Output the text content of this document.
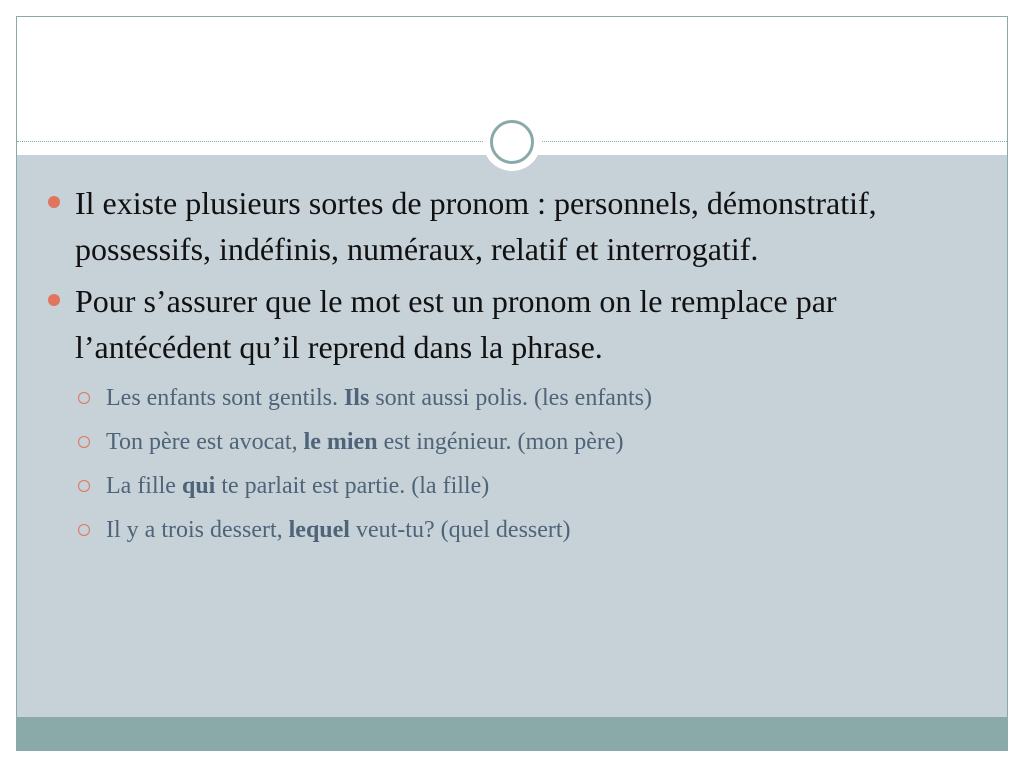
Il existe plusieurs sortes de pronom : personnels, démonstratif, possessifs, indéfinis, numéraux, relatif et interrogatif.
Pour s’assurer que le mot est un pronom on le remplace par l’antécédent qu’il reprend dans la phrase.
Les enfants sont gentils. Ils sont aussi polis. (les enfants)
Ton père est avocat, le mien est ingénieur. (mon père)
La fille qui te parlait est partie. (la fille)
Il y a trois dessert, lequel veut-tu? (quel dessert)
